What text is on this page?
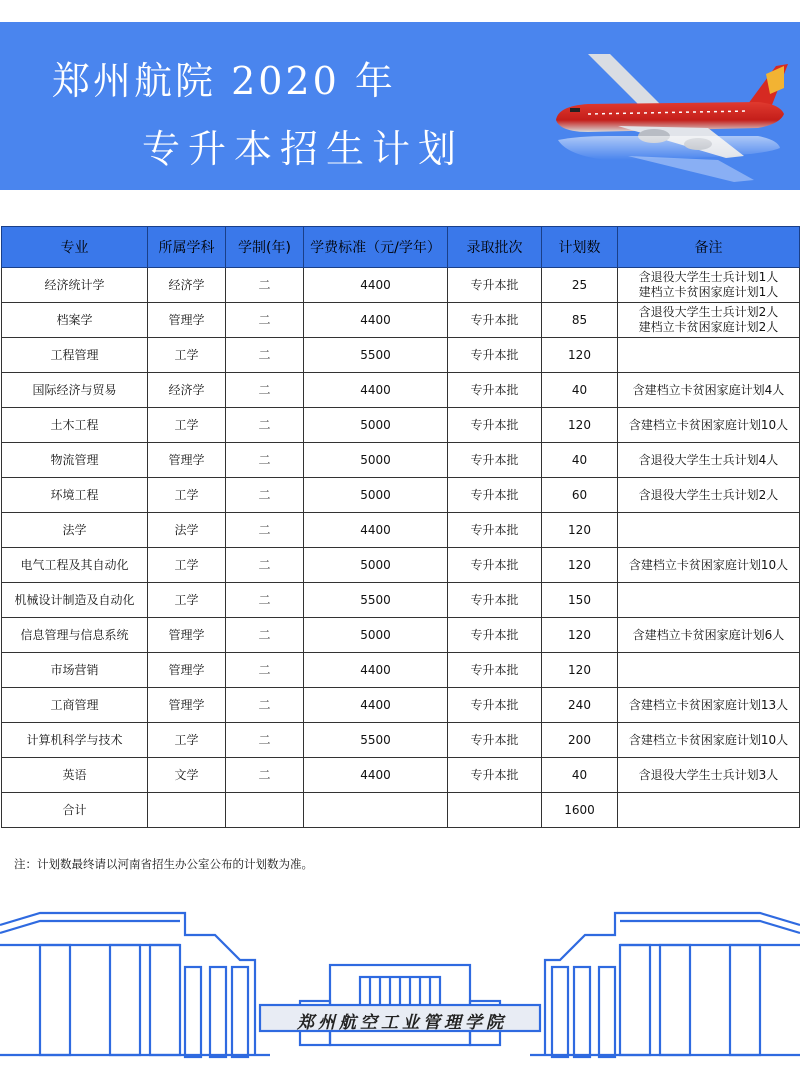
郑州航院 2020 年
专升本招生计划
专业	所属学科	学制(年)	学费标准（元/学年）	录取批次	计划数	备注
经济统计学	经济学	二	4400	专升本批	25	含退役大学生士兵计划1人
建档立卡贫困家庭计划1人
档案学	管理学	二	4400	专升本批	85	含退役大学生士兵计划2人
建档立卡贫困家庭计划2人
工程管理	工学	二	5500	专升本批	120	
国际经济与贸易	经济学	二	4400	专升本批	40	含建档立卡贫困家庭计划4人
土木工程	工学	二	5000	专升本批	120	含建档立卡贫困家庭计划10人
物流管理	管理学	二	5000	专升本批	40	含退役大学生士兵计划4人
环境工程	工学	二	5000	专升本批	60	含退役大学生士兵计划2人
法学	法学	二	4400	专升本批	120	
电气工程及其自动化	工学	二	5000	专升本批	120	含建档立卡贫困家庭计划10人
机械设计制造及自动化	工学	二	5500	专升本批	150	
信息管理与信息系统	管理学	二	5000	专升本批	120	含建档立卡贫困家庭计划6人
市场营销	管理学	二	4400	专升本批	120	
工商管理	管理学	二	4400	专升本批	240	含建档立卡贫困家庭计划13人
计算机科学与技术	工学	二	5500	专升本批	200	含建档立卡贫困家庭计划10人
英语	文学	二	4400	专升本批	40	含退役大学生士兵计划3人
合计					1600	
注：计划数最终请以河南省招生办公室公布的计划数为准。
郑州航空工业管理学院
